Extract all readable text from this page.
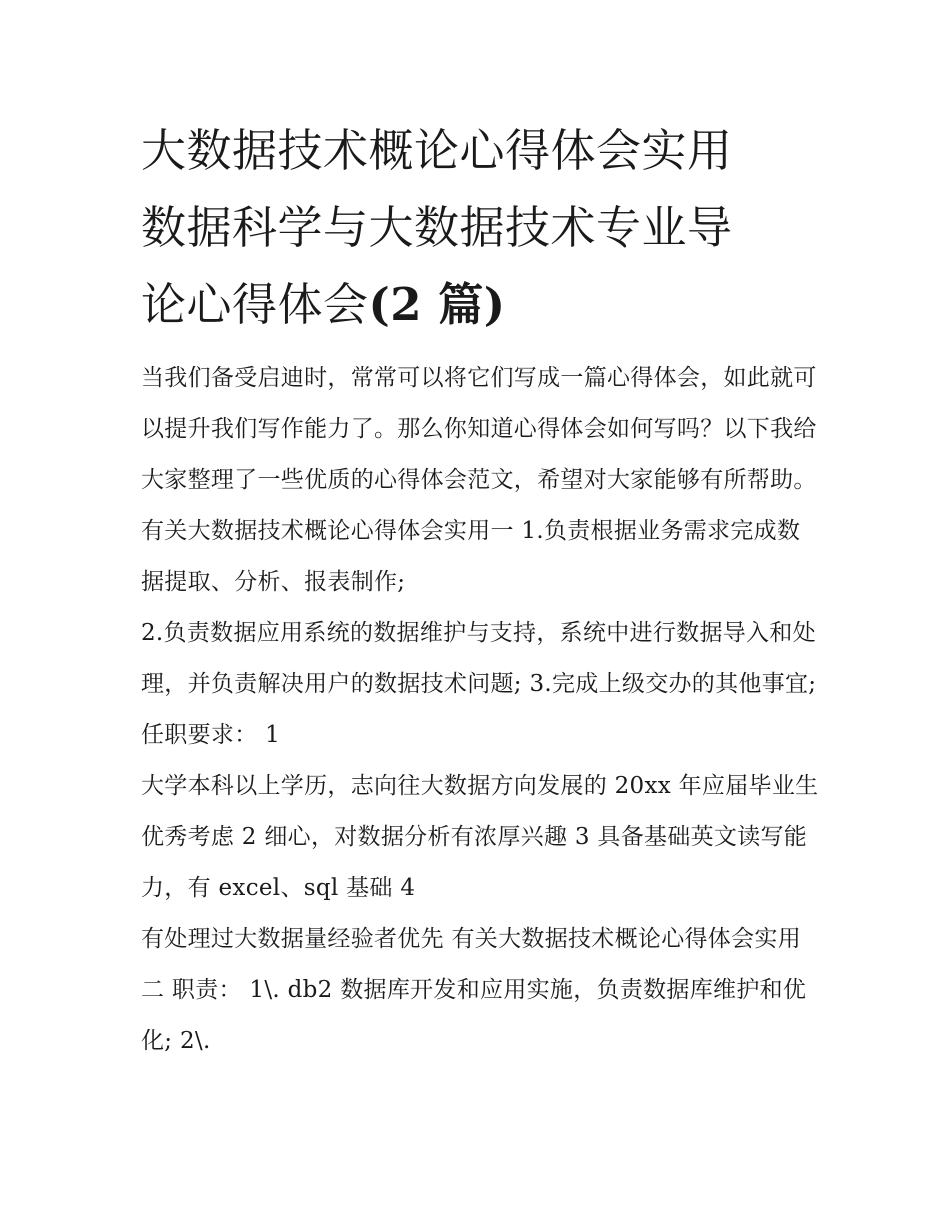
大数据技术概论心得体会实用
数据科学与大数据技术专业导
论心得体会(2 篇)

当我们备受启迪时，常常可以将它们写成一篇心得体会，如此就可以提升我们写作能力了。那么你知道心得体会如何写吗？以下我给大家整理了一些优质的心得体会范文，希望对大家能够有所帮助。

有关大数据技术概论心得体会实用一 1.负责根据业务需求完成数据提取、分析、报表制作;

2.负责数据应用系统的数据维护与支持，系统中进行数据导入和处理，并负责解决用户的数据技术问题; 3.完成上级交办的其他事宜; 任职要求： 1

大学本科以上学历，志向往大数据方向发展的 20xx 年应届毕业生优秀考虑 2 细心，对数据分析有浓厚兴趣 3 具备基础英文读写能力，有 excel、sql 基础 4

有处理过大数据量经验者优先 有关大数据技术概论心得体会实用二 职责： 1\. db2 数据库开发和应用实施，负责数据库维护和优化; 2\.
